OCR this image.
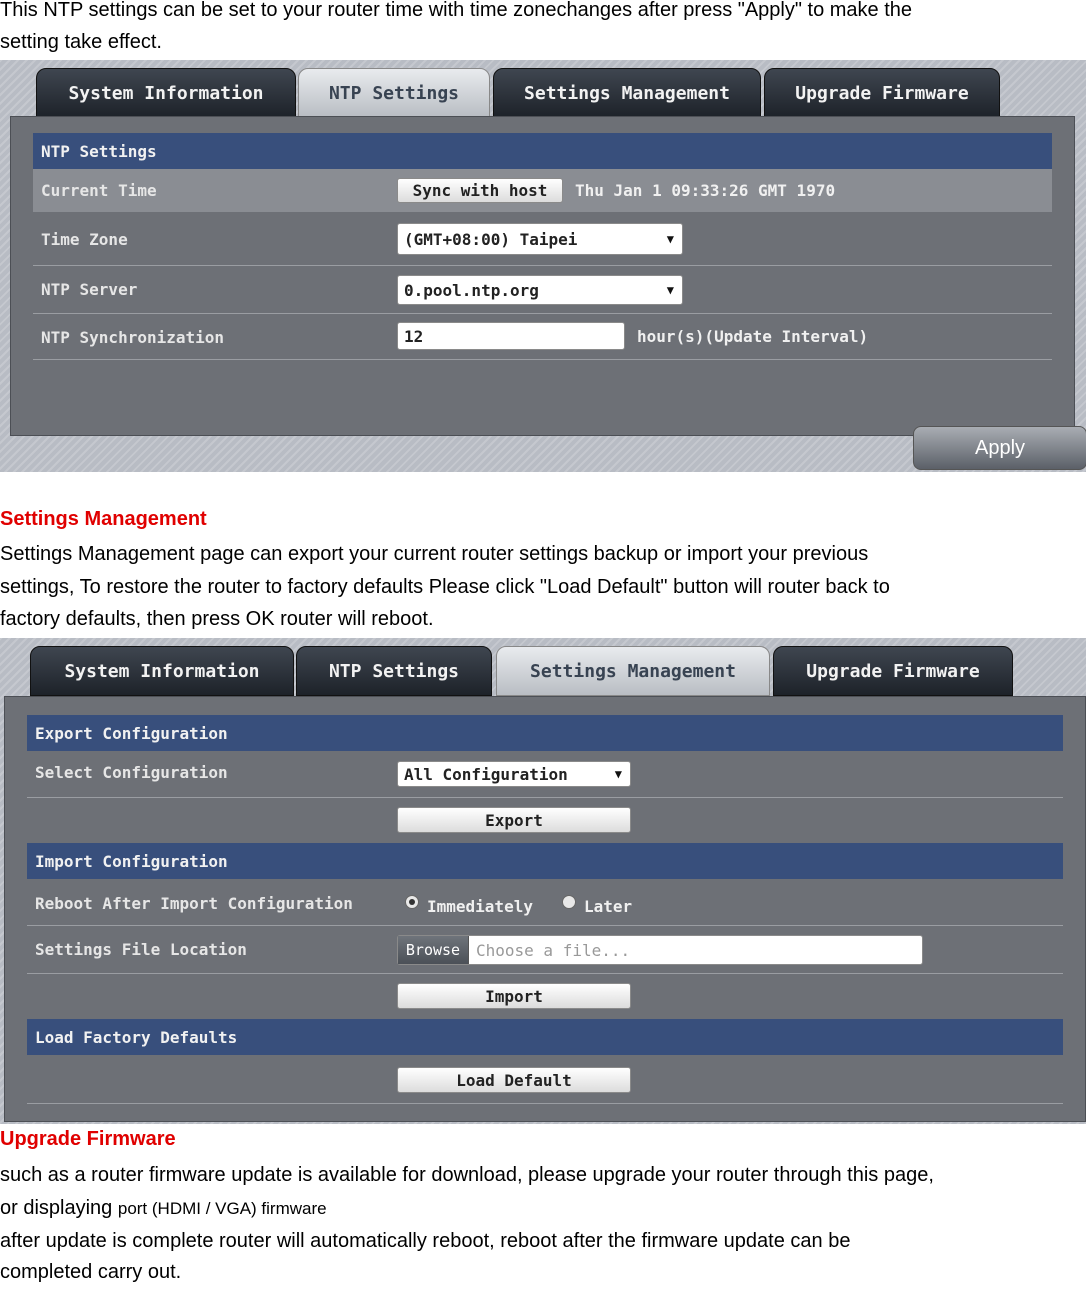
This NTP settings can be set to your router time with time zonechanges after press "Apply" to make the
setting take effect.
System Information	NTP Settings	Settings Management	Upgrade Firmware
NTP Settings
Current Time	Sync with host	Thu Jan 1 09:33:26 GMT 1970
Time Zone	(GMT+08:00) Taipei	▼
NTP Server	0.pool.ntp.org	▼
NTP Synchronization	12	hour(s)(Update Interval)
Apply
Settings Management
Settings Management page can export your current router settings backup or import your previous
settings, To restore the router to factory defaults Please click "Load Default" button will router back to
factory defaults, then press OK router will reboot.
System Information	NTP Settings	Settings Management	Upgrade Firmware
Export Configuration
Select Configuration	All Configuration	▼
Export
Import Configuration
Reboot After Import Configuration	Immediately	Later
Settings File Location	Browse Choose a file...
Import
Load Factory Defaults
Load Default
Upgrade Firmware
such as a router firmware update is available for download, please upgrade your router through this page,
or displaying port (HDMI / VGA) firmware
after update is complete router will automatically reboot, reboot after the firmware update can be
completed carry out.
